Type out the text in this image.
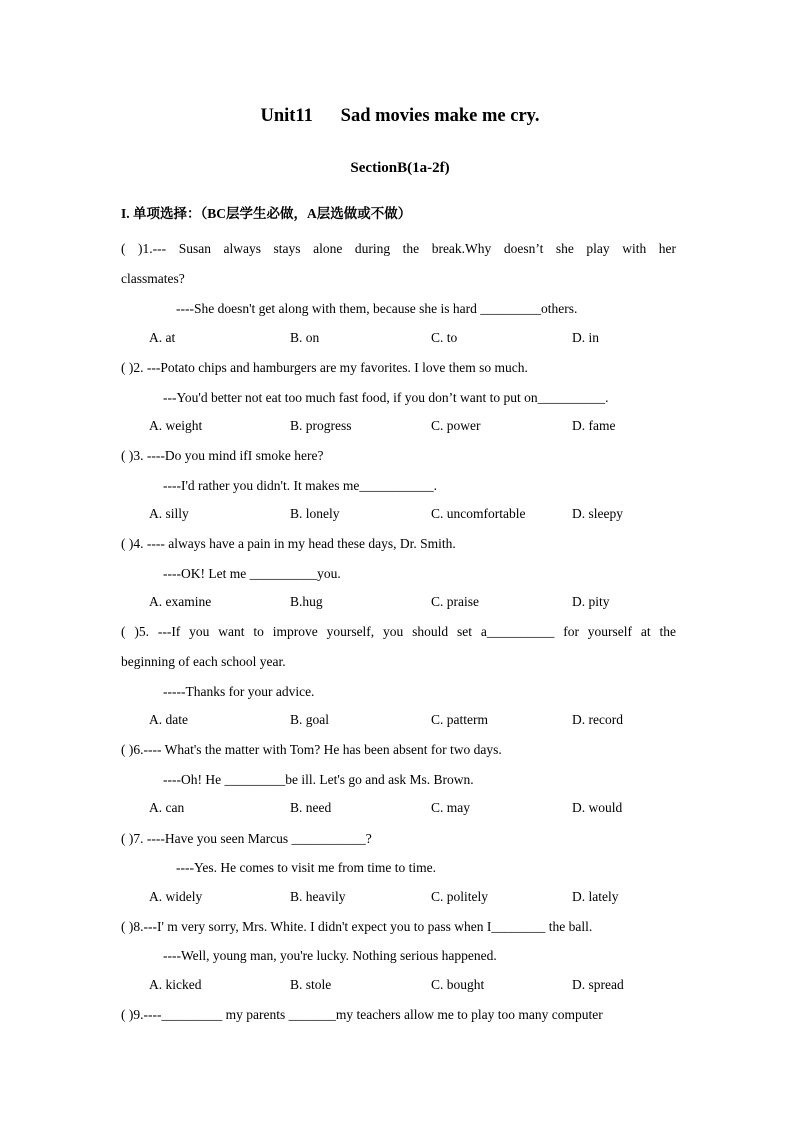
Unit11      Sad movies make me cry.
SectionB(1a-2f)
I. 单项选择：（BC层学生必做，A层选做或不做）
( )1.--- Susan always stays alone during the break.Why doesn’t she play with her
classmates?
----She doesn't get along with them, because she is hard _________others.
A. at	B. on	C. to	D. in
( )2. ---Potato chips and hamburgers are my favorites. I love them so much.
---You'd better not eat too much fast food, if you don’t want to put on__________.
A. weight	B. progress	C. power	D. fame
( )3. ----Do you mind ifI smoke here?
----I'd rather you didn't. It makes me___________.
A. silly	B. lonely	C. uncomfortable	D. sleepy
( )4. ---- always have a pain in my head these days, Dr. Smith.
----OK! Let me __________you.
A. examine	B.hug	C. praise	D. pity
( )5. ---If you want to improve yourself, you should set a__________ for yourself at the
beginning of each school year.
-----Thanks for your advice.
A. date	B. goal	C. patterm	D. record
( )6.---- What's the matter with Tom? He has been absent for two days.
----Oh! He _________be ill. Let's go and ask Ms. Brown.
A. can	B. need	C. may	D. would
( )7. ----Have you seen Marcus ___________?
----Yes. He comes to visit me from time to time.
A. widely	B. heavily	C. politely	D. lately
( )8.---I' m very sorry, Mrs. White. I didn't expect you to pass when I________ the ball.
----Well, young man, you're lucky. Nothing serious happened.
A. kicked	B. stole	C. bought	D. spread
( )9.----_________ my parents _______my teachers allow me to play too many computer
